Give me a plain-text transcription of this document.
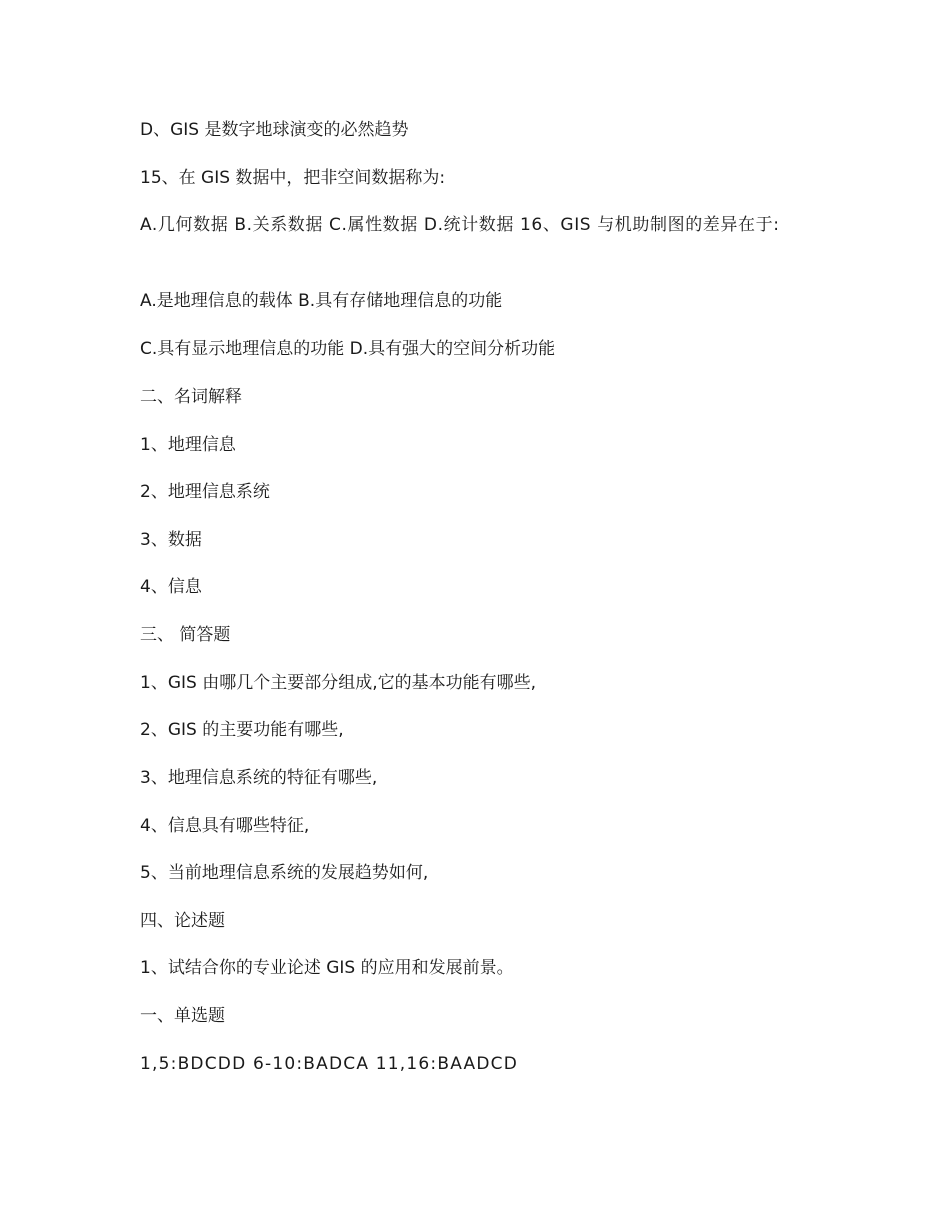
D、GIS 是数字地球演变的必然趋势
15、在 GIS 数据中，把非空间数据称为:
A.几何数据 B.关系数据 C.属性数据 D.统计数据 16、GIS 与机助制图的差异在于:
A.是地理信息的载体 B.具有存储地理信息的功能
C.具有显示地理信息的功能 D.具有强大的空间分析功能
二、名词解释
1、地理信息
2、地理信息系统
3、数据
4、信息
三、 简答题
1、GIS 由哪几个主要部分组成,它的基本功能有哪些,
2、GIS 的主要功能有哪些,
3、地理信息系统的特征有哪些,
4、信息具有哪些特征,
5、当前地理信息系统的发展趋势如何,
四、论述题
1、试结合你的专业论述 GIS 的应用和发展前景。
一、单选题
1,5:BDCDD 6-10:BADCA 11,16:BAADCD
